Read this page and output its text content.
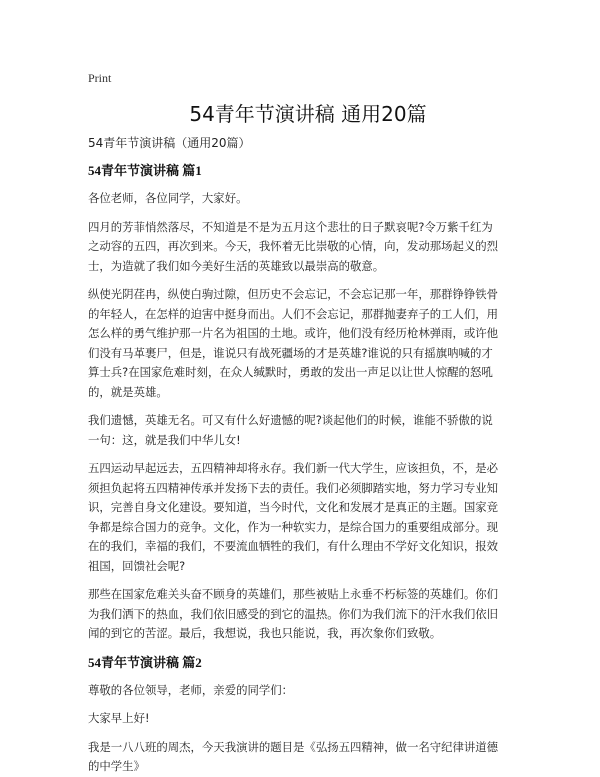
Print
54青年节演讲稿 通用20篇
54青年节演讲稿（通用20篇）
54青年节演讲稿 篇1
各位老师，各位同学，大家好。
四月的芳菲悄然落尽，不知道是不是为五月这个悲壮的日子默哀呢?令万紫千红为
之动容的五四，再次到来。今天，我怀着无比崇敬的心情，向，发动那场起义的烈
士，为造就了我们如今美好生活的英雄致以最崇高的敬意。
纵使光阴荏冉，纵使白驹过隙，但历史不会忘记，不会忘记那一年，那群铮铮铁骨
的年轻人，在怎样的迫害中挺身而出。人们不会忘记，那群抛妻弃子的工人们，用
怎么样的勇气维护那一片名为祖国的土地。或许，他们没有经历枪林弹雨，或许他
们没有马革裹尸，但是，谁说只有战死疆场的才是英雄?谁说的只有摇旗呐喊的才
算士兵?在国家危难时刻，在众人缄默时，勇敢的发出一声足以让世人惊醒的怒吼
的，就是英雄。
我们遗憾，英雄无名。可又有什么好遗憾的呢?谈起他们的时候，谁能不骄傲的说
一句：这，就是我们中华儿女!
五四运动早起远去，五四精神却将永存。我们新一代大学生，应该担负，不，是必
须担负起将五四精神传承并发扬下去的责任。我们必须脚踏实地，努力学习专业知
识，完善自身文化建设。要知道，当今时代，文化和发展才是真正的主题。国家竞
争都是综合国力的竞争。文化，作为一种软实力，是综合国力的重要组成部分。现
在的我们，幸福的我们，不要流血牺牲的我们，有什么理由不学好文化知识，报效
祖国，回馈社会呢?
那些在国家危难关头奋不顾身的英雄们，那些被贴上永垂不朽标签的英雄们。你们
为我们洒下的热血，我们依旧感受的到它的温热。你们为我们流下的汗水我们依旧
闻的到它的苦涩。最后，我想说，我也只能说，我，再次象你们致敬。
54青年节演讲稿 篇2
尊敬的各位领导，老师，亲爱的同学们：
大家早上好!
我是一八八班的周杰，今天我演讲的题目是《弘扬五四精神，做一名守纪律讲道德
的中学生》
